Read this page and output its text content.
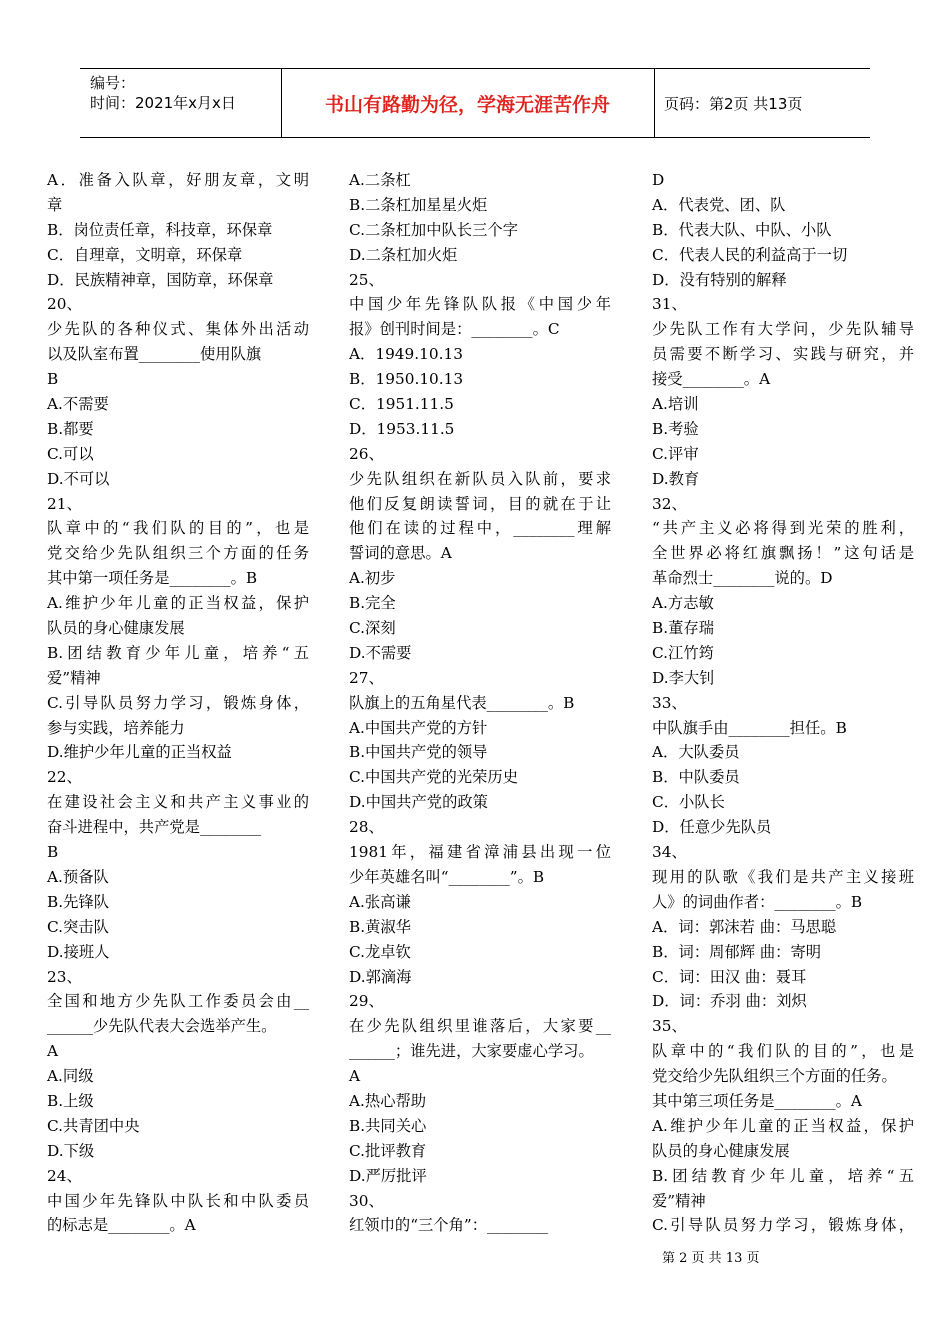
编号：
时间：2021年x月x日	书山有路勤为径，学海无涯苦作舟	页码：第2页 共13页
A．准备入队章，好朋友章，文明
章
B．岗位责任章，科技章，环保章
C．自理章，文明章，环保章
D．民族精神章，国防章，环保章
20、
少先队的各种仪式、集体外出活动
以及队室布置________使用队旗
B
A.不需要
B.都要
C.可以
D.不可以
21、
队章中的“我们队的目的”，也是
党交给少先队组织三个方面的任务
其中第一项任务是________。B
A.维护少年儿童的正当权益，保护
队员的身心健康发展
B.团结教育少年儿童，培养“五
爱”精神
C.引导队员努力学习，锻炼身体，
参与实践，培养能力
D.维护少年儿童的正当权益
22、
在建设社会主义和共产主义事业的
奋斗进程中，共产党是________
B
A.预备队
B.先锋队
C.突击队
D.接班人
23、
全国和地方少先队工作委员会由__
______少先队代表大会选举产生。
A
A.同级
B.上级
C.共青团中央
D.下级
24、
中国少年先锋队中队长和中队委员
的标志是________。A
A.二条杠
B.二条杠加星星火炬
C.二条杠加中队长三个字
D.二条杠加火炬
25、
中国少年先锋队队报《中国少年
报》创刊时间是：________。C
A．1949.10.13
B．1950.10.13
C．1951.11.5
D．1953.11.5
26、
少先队组织在新队员入队前，要求
他们反复朗读誓词，目的就在于让
他们在读的过程中，________理解
誓词的意思。A
A.初步
B.完全
C.深刻
D.不需要
27、
队旗上的五角星代表________。B
A.中国共产党的方针
B.中国共产党的领导
C.中国共产党的光荣历史
D.中国共产党的政策
28、
1981年，福建省漳浦县出现一位
少年英雄名叫“________”。B
A.张高谦
B.黄淑华
C.龙卓钦
D.郭滴海
29、
在少先队组织里谁落后，大家要__
______；谁先进，大家要虚心学习。
A
A.热心帮助
B.共同关心
C.批评教育
D.严厉批评
30、
红领巾的“三个角”：________
D
A．代表党、团、队
B．代表大队、中队、小队
C．代表人民的利益高于一切
D．没有特别的解释
31、
少先队工作有大学问，少先队辅导
员需要不断学习、实践与研究，并
接受________。A
A.培训
B.考验
C.评审
D.教育
32、
“共产主义必将得到光荣的胜利，
全世界必将红旗飘扬！”这句话是
革命烈士________说的。D
A.方志敏
B.董存瑞
C.江竹筠
D.李大钊
33、
中队旗手由________担任。B
A．大队委员
B．中队委员
C．小队长
D．任意少先队员
34、
现用的队歌《我们是共产主义接班
人》的词曲作者：________。B
A．词：郭沫若 曲：马思聪
B．词：周郁辉 曲：寄明
C．词：田汉 曲：聂耳
D．词：乔羽 曲：刘炽
35、
队章中的“我们队的目的”，也是
党交给少先队组织三个方面的任务。
其中第三项任务是________。A
A.维护少年儿童的正当权益，保护
队员的身心健康发展
B.团结教育少年儿童，培养“五
爱”精神
C.引导队员努力学习，锻炼身体，
第 2 页 共 13 页
